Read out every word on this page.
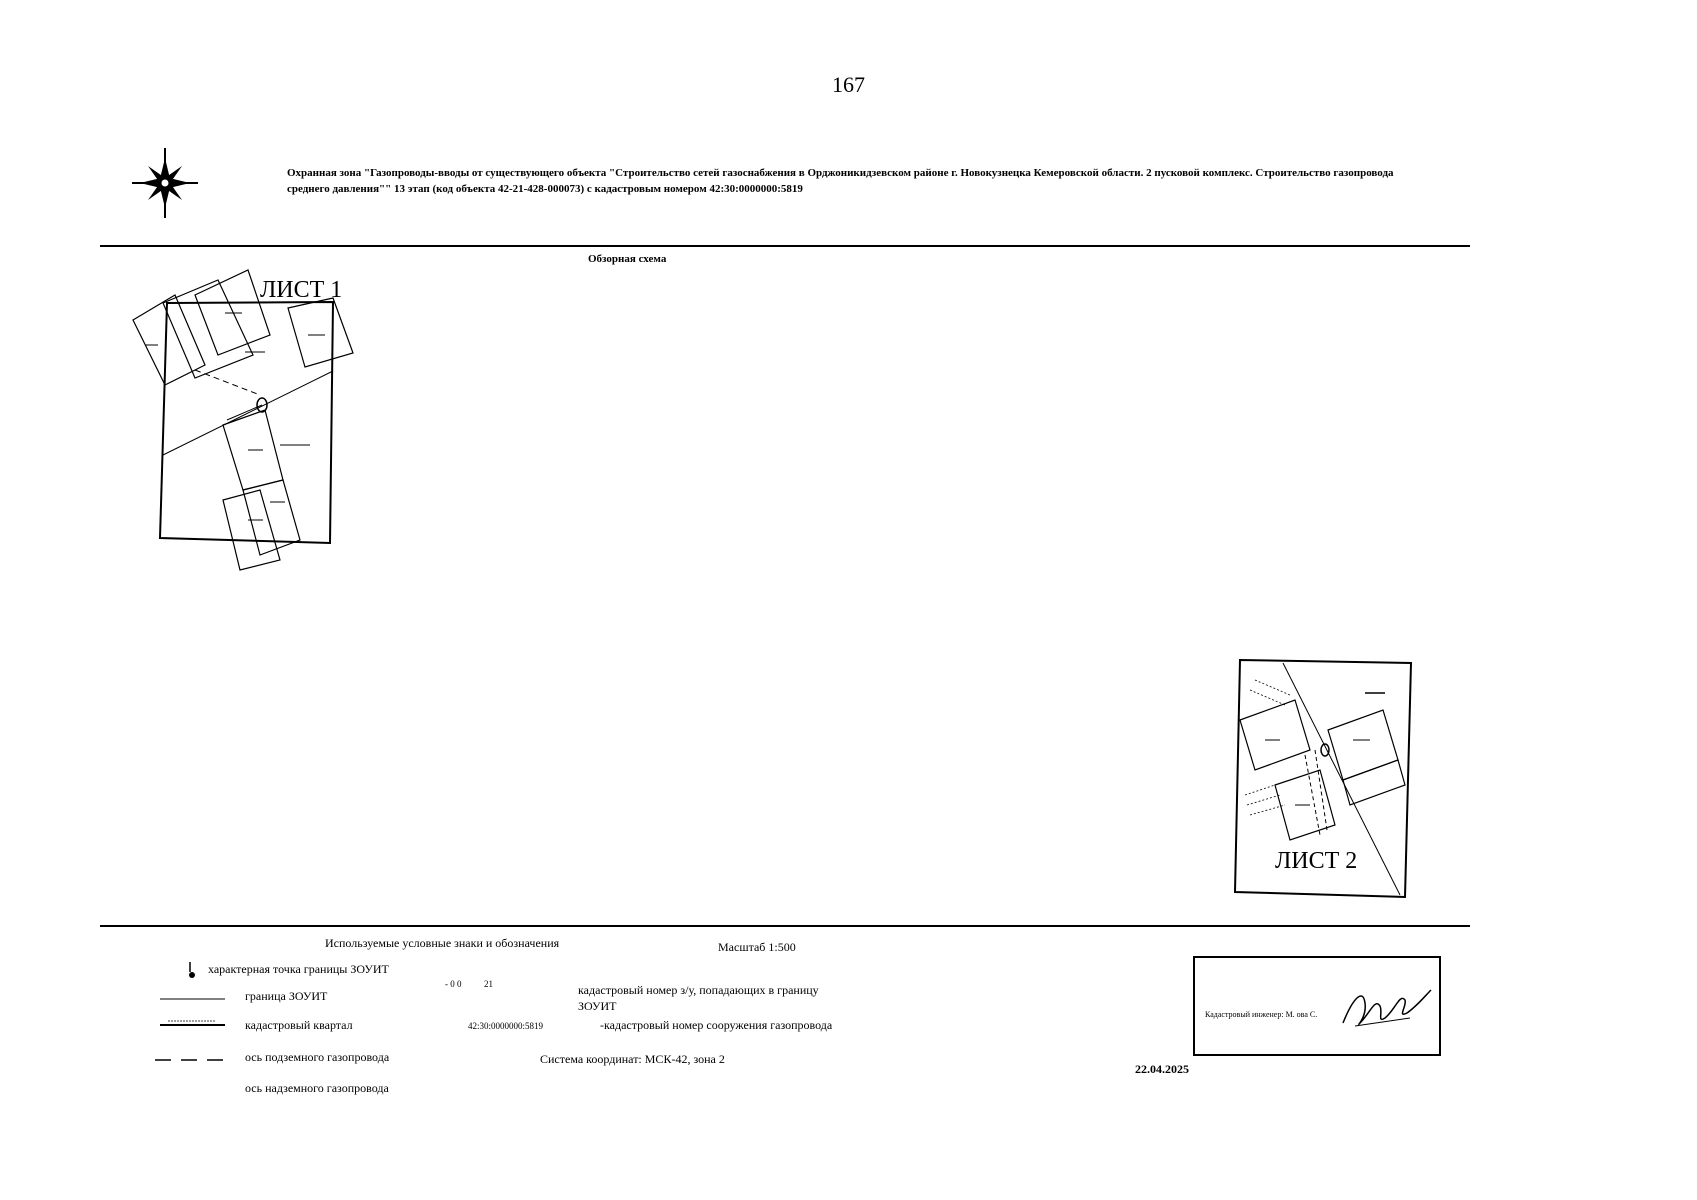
167
Охранная зона "Газопроводы-вводы от существующего объекта "Строительство сетей газоснабжения в Орджоникидзевском районе г. Новокузнецка Кемеровской области. 2 пусковой комплекс. Строительство газопровода среднего давления"" 13 этап (код объекта 42-21-428-000073) с кадастровым номером 42:30:0000000:5819
Обзорная схема
ЛИСТ 1
ЛИСТ 2
Используемые условные знаки и обозначения	Масштаб 1:500
характерная точка границы ЗОУИТ
граница ЗОУИТ
кадастровый квартал
ось подземного газопровода
ось надземного газопровода
- 0 0          21	кадастровый номер з/у, попадающих в границу ЗОУИТ
42:30:0000000:5819	-кадастровый номер сооружения газопровода
Система координат: МСК-42, зона 2
Кадастровый инженер: М. ова С.
22.04.2025
